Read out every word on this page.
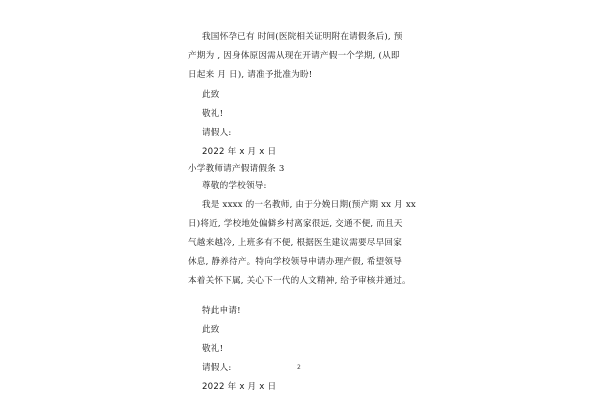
我国怀孕已有 时间(医院相关证明附在请假条后), 预
产期为 , 因身体原因需从现在开请产假一个学期, (从即
日起来 月 日), 请准予批准为盼!
此致
敬礼!
请假人:
2022 年 x 月 x 日
小学教师请产假请假条 3
尊敬的学校领导:
我是 xxxx 的一名教师, 由于分娩日期(预产期 xx 月 xx
日)将近, 学校地处偏僻乡村离家很远, 交通不便, 而且天
气越来越冷, 上班多有不便, 根据医生建议需要尽早回家
休息, 静养待产。特向学校领导申请办理产假, 希望领导
本着关怀下属, 关心下一代的人文精神, 给予审核并通过。
特此申请!
此致
敬礼!
请假人:
2022 年 x 月 x 日
2
